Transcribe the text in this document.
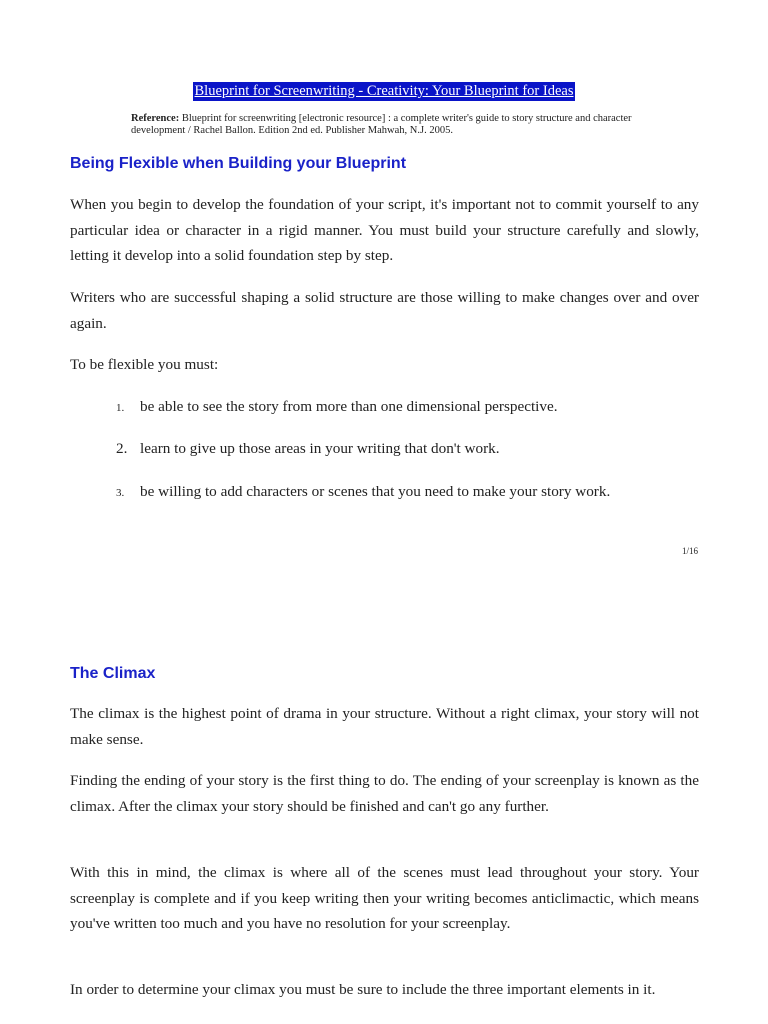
Blueprint for Screenwriting - Creativity: Your Blueprint for Ideas
Reference: Blueprint for screenwriting [electronic resource] : a complete writer's guide to story structure and character development / Rachel Ballon. Edition 2nd ed. Publisher Mahwah, N.J. 2005.
Being Flexible when Building your Blueprint

When you begin to develop the foundation of your script, it's important not to commit yourself to any particular idea or character in a rigid manner. You must build your structure carefully and slowly, letting it develop into a solid foundation step by step.

Writers who are successful shaping a solid structure are those willing to make changes over and over again.

To be flexible you must:

1. be able to see the story from more than one dimensional perspective.
2. learn to give up those areas in your writing that don't work.
3. be willing to add characters or scenes that you need to make your story work.
1/16
The Climax

The climax is the highest point of drama in your structure. Without a right climax, your story will not make sense.

Finding the ending of your story is the first thing to do. The ending of your screenplay is known as the climax. After the climax your story should be finished and can't go any further.

With this in mind, the climax is where all of the scenes must lead throughout your story. Your screenplay is complete and if you keep writing then your writing becomes anticlimactic, which means you've written too much and you have no resolution for your screenplay.

In order to determine your climax you must be sure to include the three important elements in it.
